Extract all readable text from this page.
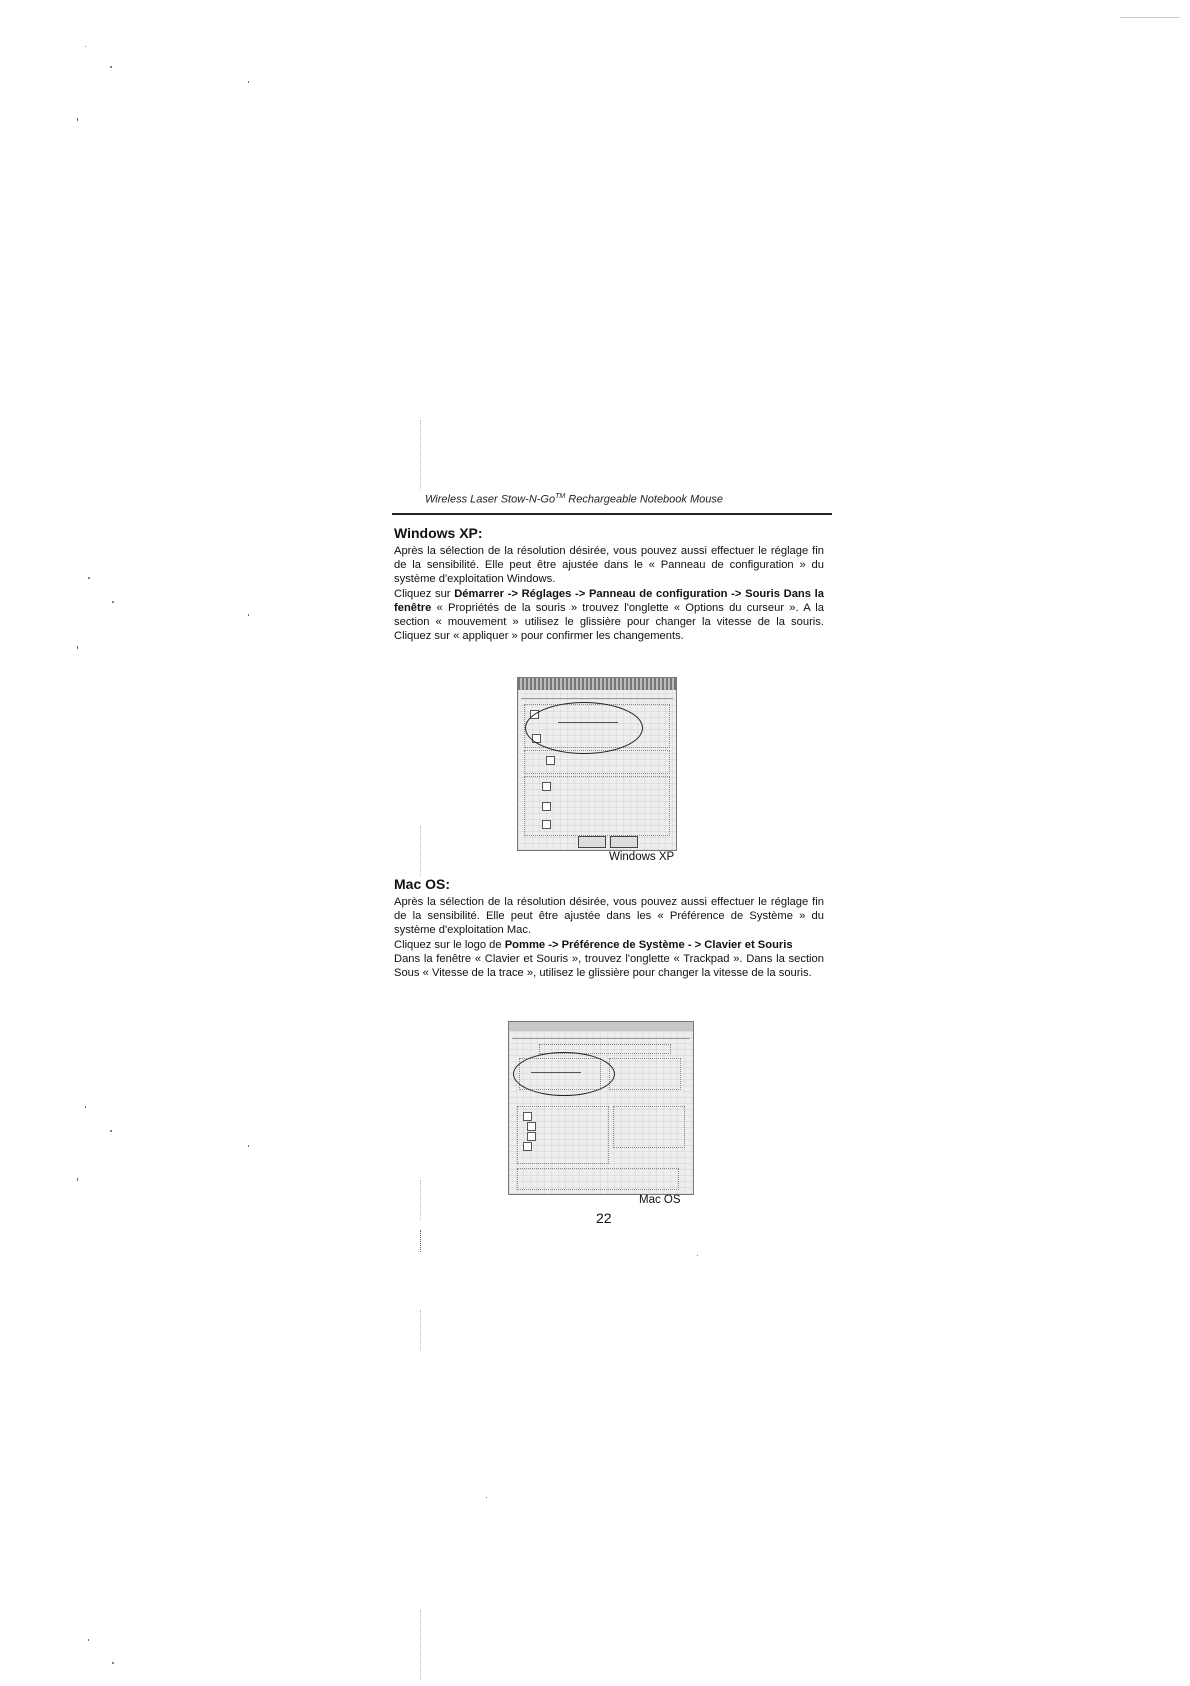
Wireless Laser Stow-N-Go™ Rechargeable Notebook Mouse
Windows XP:

Après la sélection de la résolution désirée, vous pouvez aussi effectuer le réglage fin de la sensibilité. Elle peut être ajustée dans le « Panneau de configuration » du système d'exploitation Windows.

Cliquez sur Démarrer -> Réglages -> Panneau de configuration -> Souris Dans la fenêtre « Propriétés de la souris » trouvez l'onglette « Options du curseur ». A la section « mouvement » utilisez le glissière pour changer la vitesse de la souris. Cliquez sur « appliquer » pour confirmer les changements.

Windows XP
Mac OS:

Après la sélection de la résolution désirée, vous pouvez aussi effectuer le réglage fin de la sensibilité. Elle peut être ajustée dans les « Préférence de Système » du système d'exploitation Mac.

Cliquez sur le logo de Pomme -> Préférence de Système - > Clavier et Souris

Dans la fenêtre « Clavier et Souris », trouvez l'onglette « Trackpad ». Dans la section Sous « Vitesse de la trace », utilisez le glissière pour changer la vitesse de la souris.

Mac OS
22
